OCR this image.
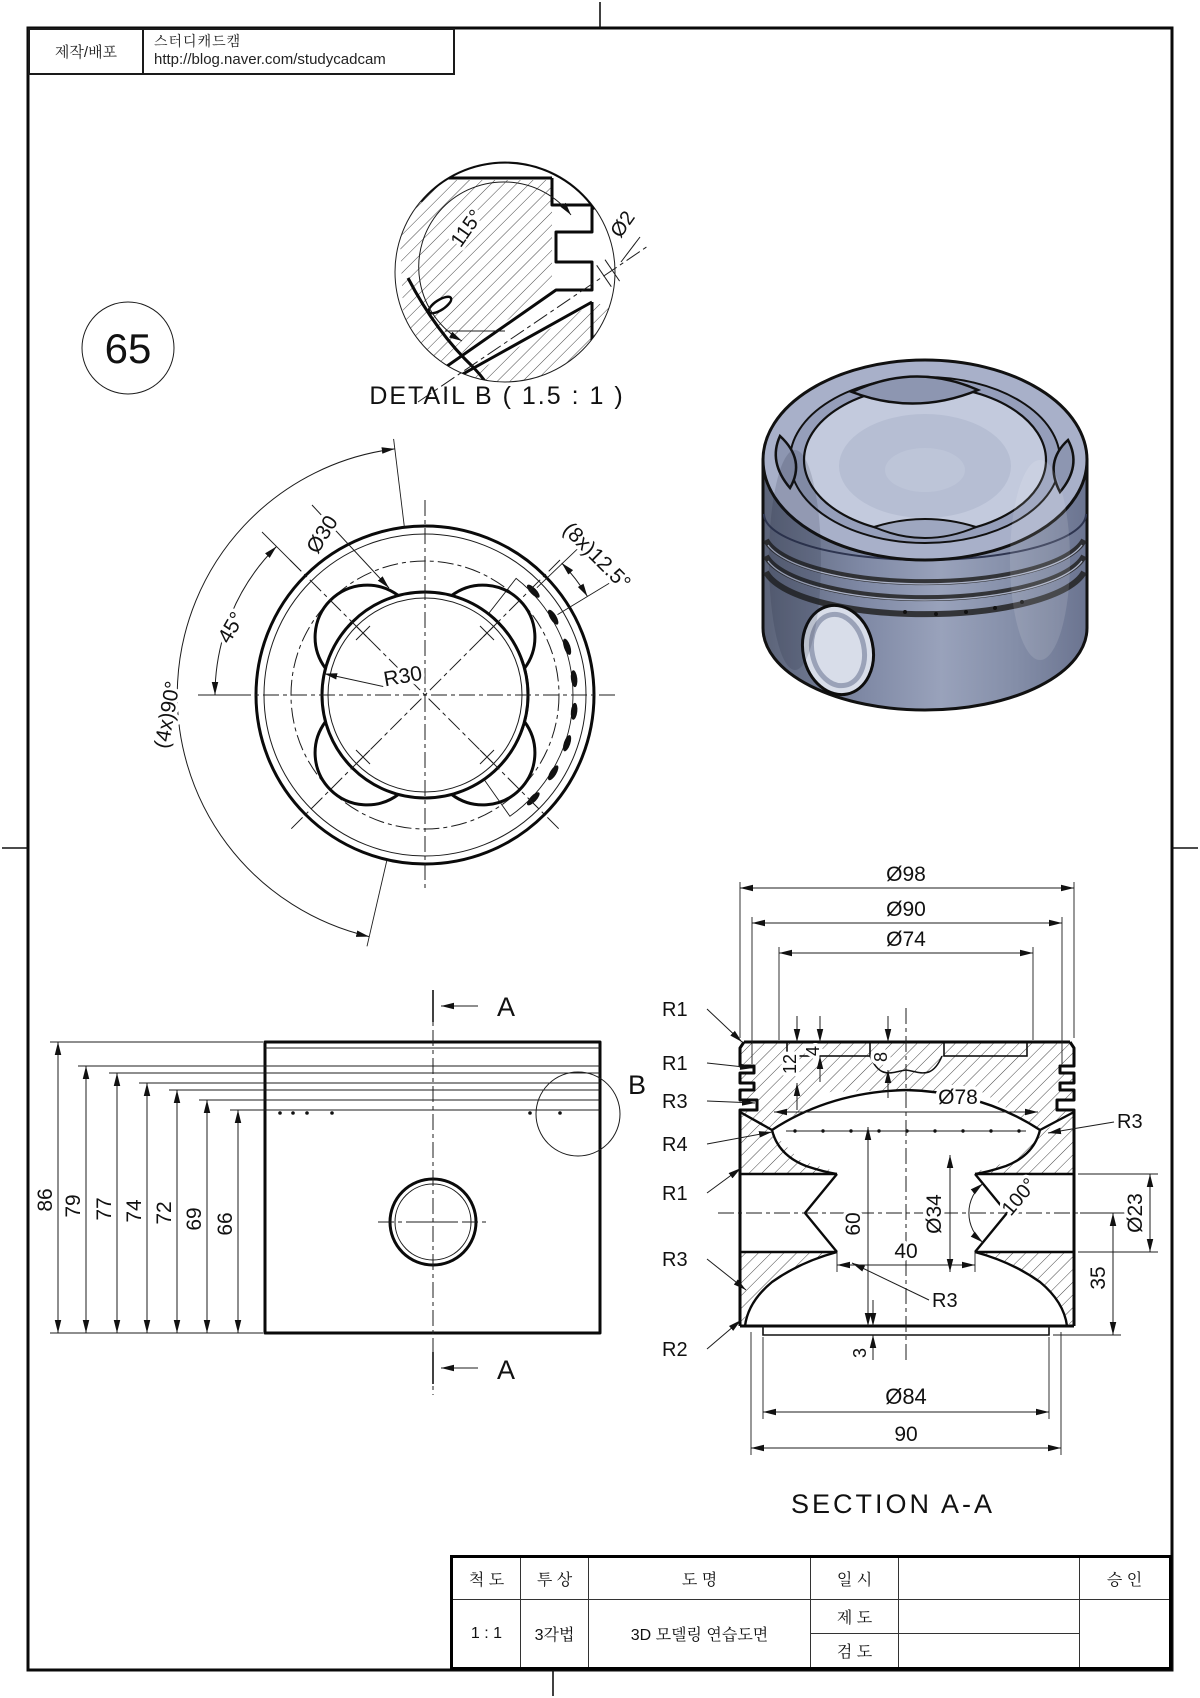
65
115°	Ø2
DETAIL B ( 1.5 : 1 )
Ø30
45°
(4x)90°
R30
(8x)12.5°
A
A
B
86 79 77 74 72 69 66
Ø98
Ø90
Ø74
R1
R1
R3
R4
R1
R3
R2
R3
R3
4
12	8
Ø78
60
40
Ø34	100°	Ø23
35
3
Ø84
90
SECTION A-A
제작/배포
스터디캐드캠
http://blog.naver.com/studycadcam
척 도	투 상	도 명	일 시	승 인
1 : 1	3각법	3D 모델링 연습도면
제 도
검 도
